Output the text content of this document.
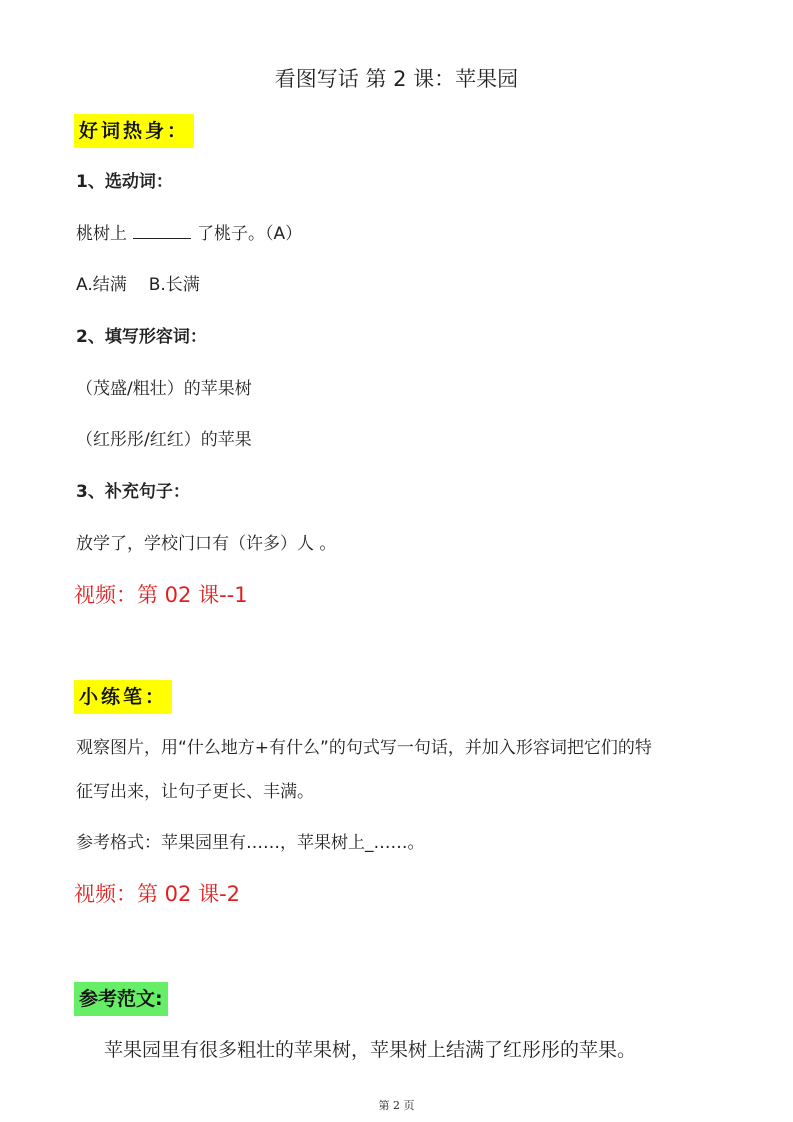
看图写话 第 2 课：苹果园
好词热身：
1、选动词：
桃树上	了桃子。（A）
A.结满 B.长满
2、填写形容词：
（茂盛/粗壮）的苹果树
（红彤彤/红红）的苹果
3、补充句子：
放学了，学校门口有（许多）人 。
视频：第 02 课--1
小练笔：
观察图片，用“什么地方+有什么”的句式写一句话，并加入形容词把它们的特
征写出来，让句子更长、丰满。
参考格式：苹果园里有……，苹果树上_……。
视频：第 02 课-2
参考范文:
苹果园里有很多粗壮的苹果树，苹果树上结满了红彤彤的苹果。
第 2 页
